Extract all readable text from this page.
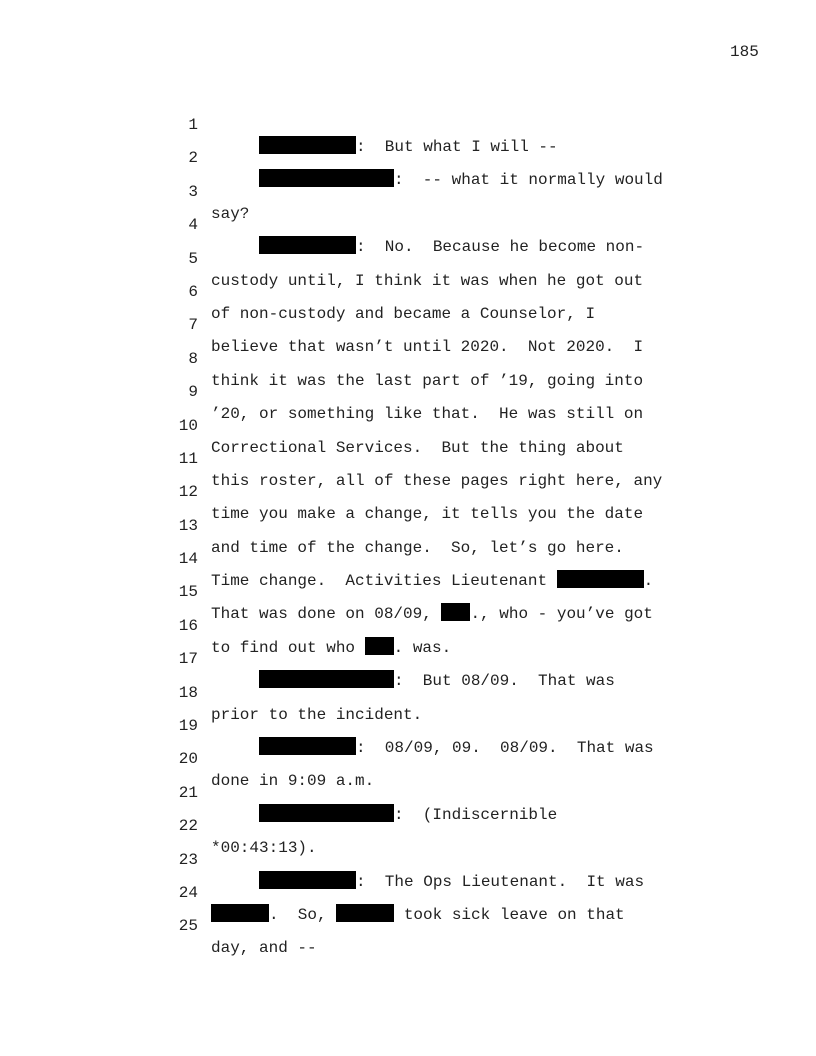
185

1

:  But what I will --

2

:  -- what it normally would

3

say?

4

:  No.  Because he become non-

5

custody until, I think it was when he got out

6

of non-custody and became a Counselor, I

7

believe that wasn’t until 2020.  Not 2020.  I

8

think it was the last part of ’19, going into

9

’20, or something like that.  He was still on

10

Correctional Services.  But the thing about

11

this roster, all of these pages right here, any

12

time you make a change, it tells you the date

13

and time of the change.  So, let’s go here.

14

Time change.  Activities Lieutenant	.

15

That was done on 08/09, ., who - you’ve got

16

to find out who . was.

17

:  But 08/09.  That was

18

prior to the incident.

19

:  08/09, 09.  08/09.  That was

20

done in 9:09 a.m.

21

:  (Indiscernible

22

*00:43:13).

23

:  The Ops Lieutenant.  It was

24

.  So,	took sick leave on that

25

day, and --
